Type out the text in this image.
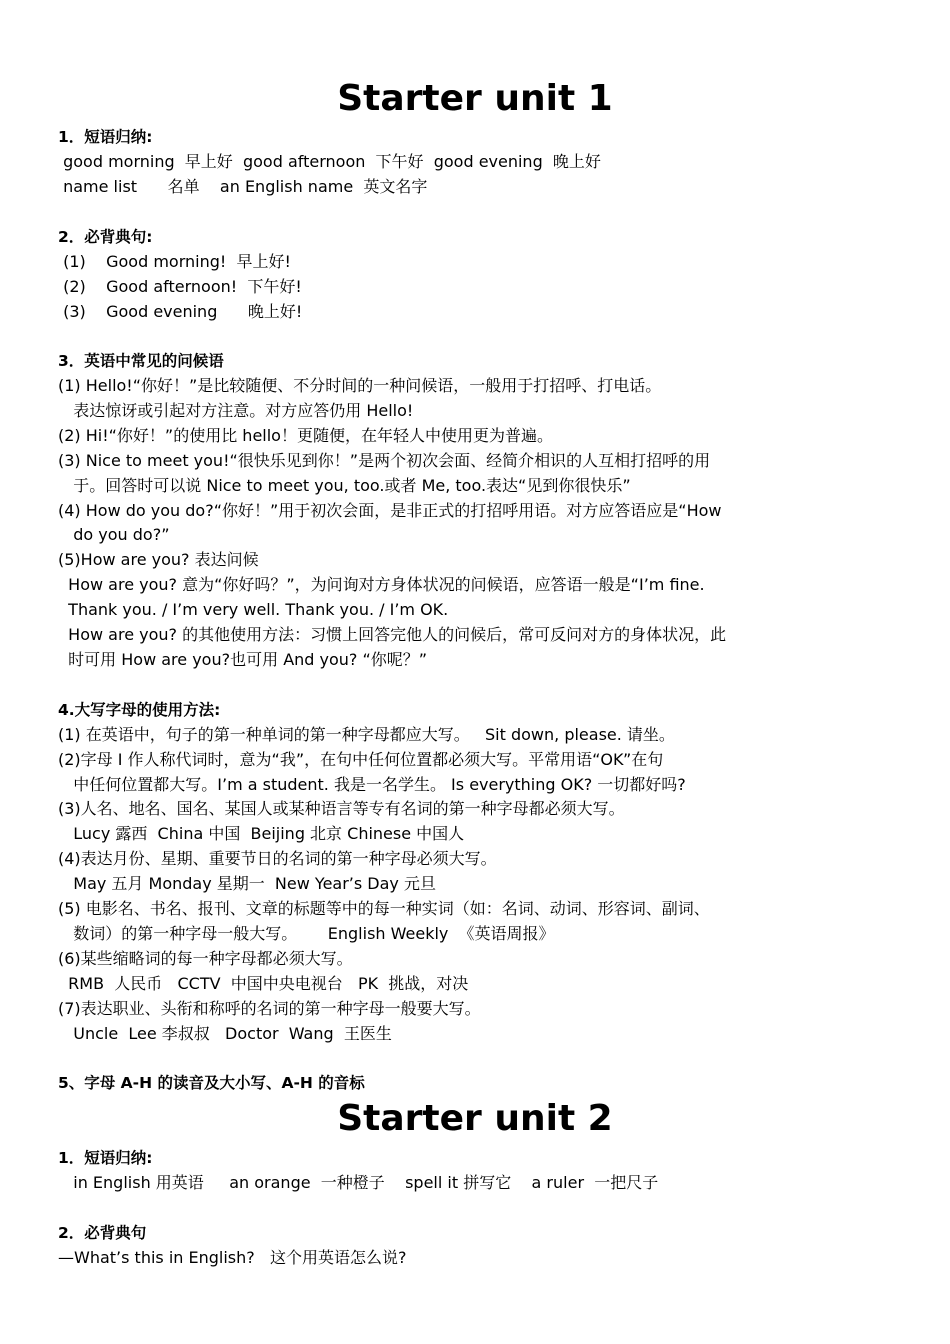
Starter unit 1
1．短语归纳:
good morning  早上好  good afternoon  下午好  good evening  晚上好
name list      名单    an English name  英文名字
2．必背典句:
(1)    Good morning!  早上好!
(2)    Good afternoon!  下午好!
(3)    Good evening      晚上好!
3．英语中常见的问候语
(1) Hello!“你好！”是比较随便、不分时间的一种问候语，一般用于打招呼、打电话。
表达惊讶或引起对方注意。对方应答仍用 Hello!
(2) Hi!“你好！”的使用比 hello！更随便，在年轻人中使用更为普遍。
(3) Nice to meet you!“很快乐见到你！”是两个初次会面、经简介相识的人互相打招呼的用
于。回答时可以说 Nice to meet you, too.或者 Me, too.表达“见到你很快乐”
(4) How do you do?“你好！”用于初次会面，是非正式的打招呼用语。对方应答语应是“How
do you do?”
(5)How are you? 表达问候
How are you? 意为“你好吗？”，为问询对方身体状况的问候语，应答语一般是“I’m fine.
Thank you. / I’m very well. Thank you. / I’m OK.
How are you? 的其他使用方法：习惯上回答完他人的问候后，常可反问对方的身体状况，此
时可用 How are you?也可用 And you? “你呢？”
4.大写字母的使用方法:
(1) 在英语中，句子的第一种单词的第一种字母都应大写。   Sit down, please. 请坐。
(2)字母 I 作人称代词时，意为“我”，在句中任何位置都必须大写。平常用语“OK”在句
中任何位置都大写。I’m a student. 我是一名学生。 Is everything OK? 一切都好吗?
(3)人名、地名、国名、某国人或某种语言等专有名词的第一种字母都必须大写。
Lucy 露西  China 中国  Beijing 北京 Chinese 中国人
(4)表达月份、星期、重要节日的名词的第一种字母必须大写。
May 五月 Monday 星期一  New Year’s Day 元旦
(5) 电影名、书名、报刊、文章的标题等中的每一种实词（如：名词、动词、形容词、副词、
数词）的第一种字母一般大写。      English Weekly  《英语周报》
(6)某些缩略词的每一种字母都必须大写。
RMB  人民币   CCTV  中国中央电视台   PK  挑战，对决
(7)表达职业、头衔和称呼的名词的第一种字母一般要大写。
Uncle  Lee 李叔叔   Doctor  Wang  王医生
5、字母 A-H 的读音及大小写、A-H 的音标
Starter unit 2
1．短语归纳:
in English 用英语     an orange  一种橙子    spell it 拼写它    a ruler  一把尺子
2．必背典句
—What’s this in English?   这个用英语怎么说?
